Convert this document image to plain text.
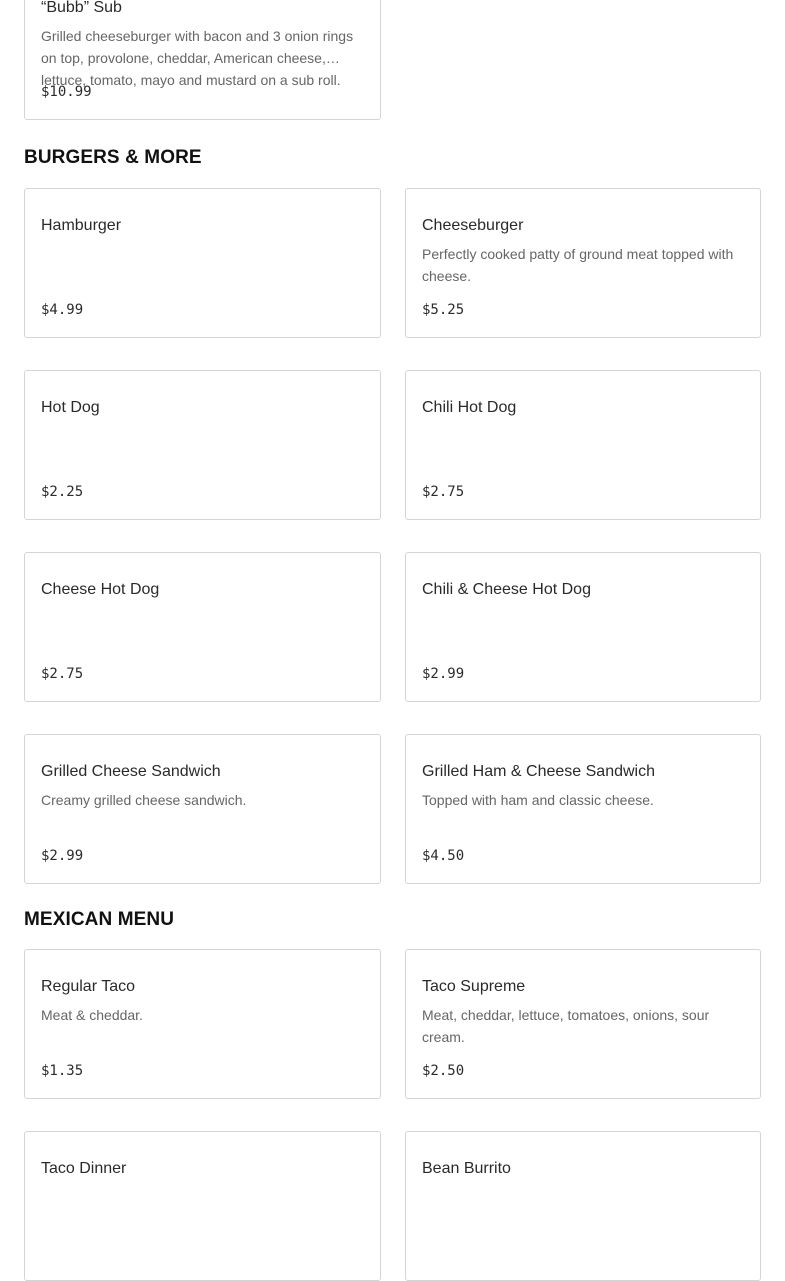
“Bubb” Sub
Grilled cheeseburger with bacon and 3 onion rings on top, provolone, cheddar, American cheese, lettuce, tomato, mayo and mustard on a sub roll.
$10.99
BURGERS & MORE
Hamburger
$4.99
Cheeseburger
Perfectly cooked patty of ground meat topped with cheese.
$5.25
Hot Dog
$2.25
Chili Hot Dog
$2.75
Cheese Hot Dog
$2.75
Chili & Cheese Hot Dog
$2.99
Grilled Cheese Sandwich
Creamy grilled cheese sandwich.
$2.99
Grilled Ham & Cheese Sandwich
Topped with ham and classic cheese.
$4.50
MEXICAN MENU
Regular Taco
Meat & cheddar.
$1.35
Taco Supreme
Meat, cheddar, lettuce, tomatoes, onions, sour cream.
$2.50
Taco Dinner	Bean Burrito
